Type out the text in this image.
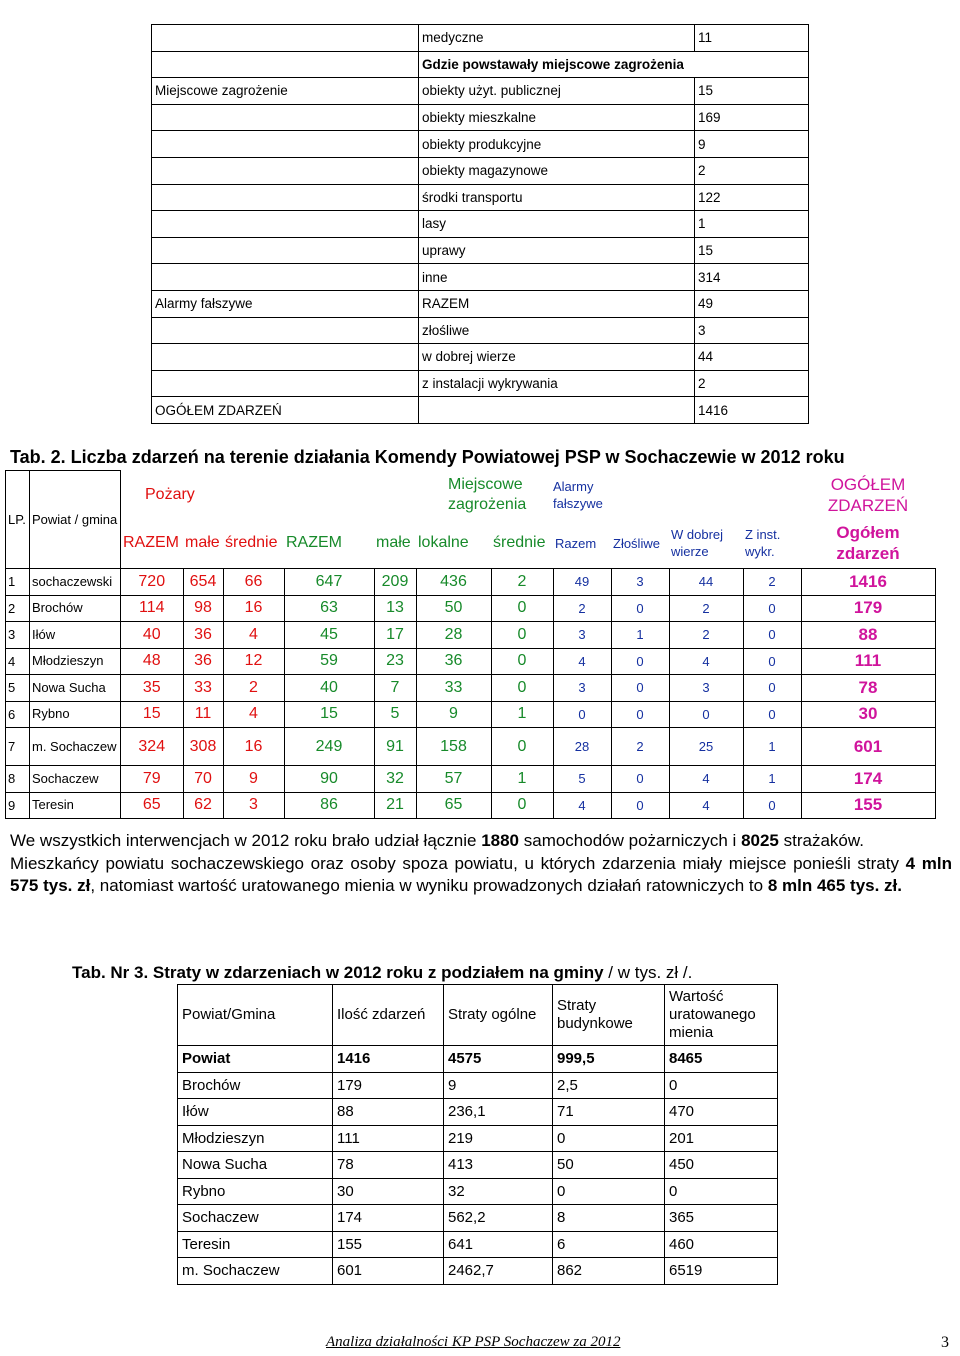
	medyczne	11
	Gdzie powstawały miejscowe zagrożenia	
Miejscowe zagrożenie	obiekty użyt. publicznej	15
	obiekty mieszkalne	169
	obiekty produkcyjne	9
	obiekty magazynowe	2
	środki transportu	122
	lasy	1
	uprawy	15
	inne	314
Alarmy fałszywe	RAZEM	49
	złośliwe	3
	w dobrej wierze	44
	z instalacji wykrywania	2
OGÓŁEM ZDARZEŃ		1416
Tab. 2. Liczba zdarzeń na terenie działania Komendy Powiatowej PSP w Sochaczewie w 2012 roku
LP.	Powiat / gmina	Pożary			Miejscowe zagrożenia				Alarmy fałszywe				OGÓŁEM ZDARZEŃ
		RAZEM	małe	średnie	RAZEM	małe	lokalne	średnie	Razem	Złośliwe	W dobrej wierze	Z inst. wykr.	Ogółem zdarzeń
1	sochaczewski	720	654	66	647	209	436	2	49	3	44	2	1416
2	Brochów	114	98	16	63	13	50	0	2	0	2	0	179
3	Iłów	40	36	4	45	17	28	0	3	1	2	0	88
4	Młodzieszyn	48	36	12	59	23	36	0	4	0	4	0	111
5	Nowa Sucha	35	33	2	40	7	33	0	3	0	3	0	78
6	Rybno	15	11	4	15	5	9	1	0	0	0	0	30
7	m. Sochaczew	324	308	16	249	91	158	0	28	2	25	1	601
8	Sochaczew	79	70	9	90	32	57	1	5	0	4	1	174
9	Teresin	65	62	3	86	21	65	0	4	0	4	0	155

We wszystkich interwencjach w 2012 roku brało udział łącznie 1880 samochodów pożarniczych i 8025 strażaków.

Mieszkańcy powiatu sochaczewskiego oraz osoby spoza powiatu, u których zdarzenia miały miejsce ponieśli straty 4 mln 575 tys. zł, natomiast wartość uratowanego mienia w wyniku prowadzonych działań ratowniczych to 8 mln 465 tys. zł.

Tab. Nr 3. Straty w zdarzeniach w 2012 roku z podziałem na gminy / w tys. zł /.
Powiat/Gmina	Ilość zdarzeń	Straty ogólne	Straty budynkowe	Wartość uratowanego mienia
Powiat	1416	4575	999,5	8465
Brochów	179	9	2,5	0
Iłów	88	236,1	71	470
Młodzieszyn	111	219	0	201
Nowa Sucha	78	413	50	450
Rybno	30	32	0	0
Sochaczew	174	562,2	8	365
Teresin	155	641	6	460
m. Sochaczew	601	2462,7	862	6519
Analiza działalności KP PSP Sochaczew za 2012	3
